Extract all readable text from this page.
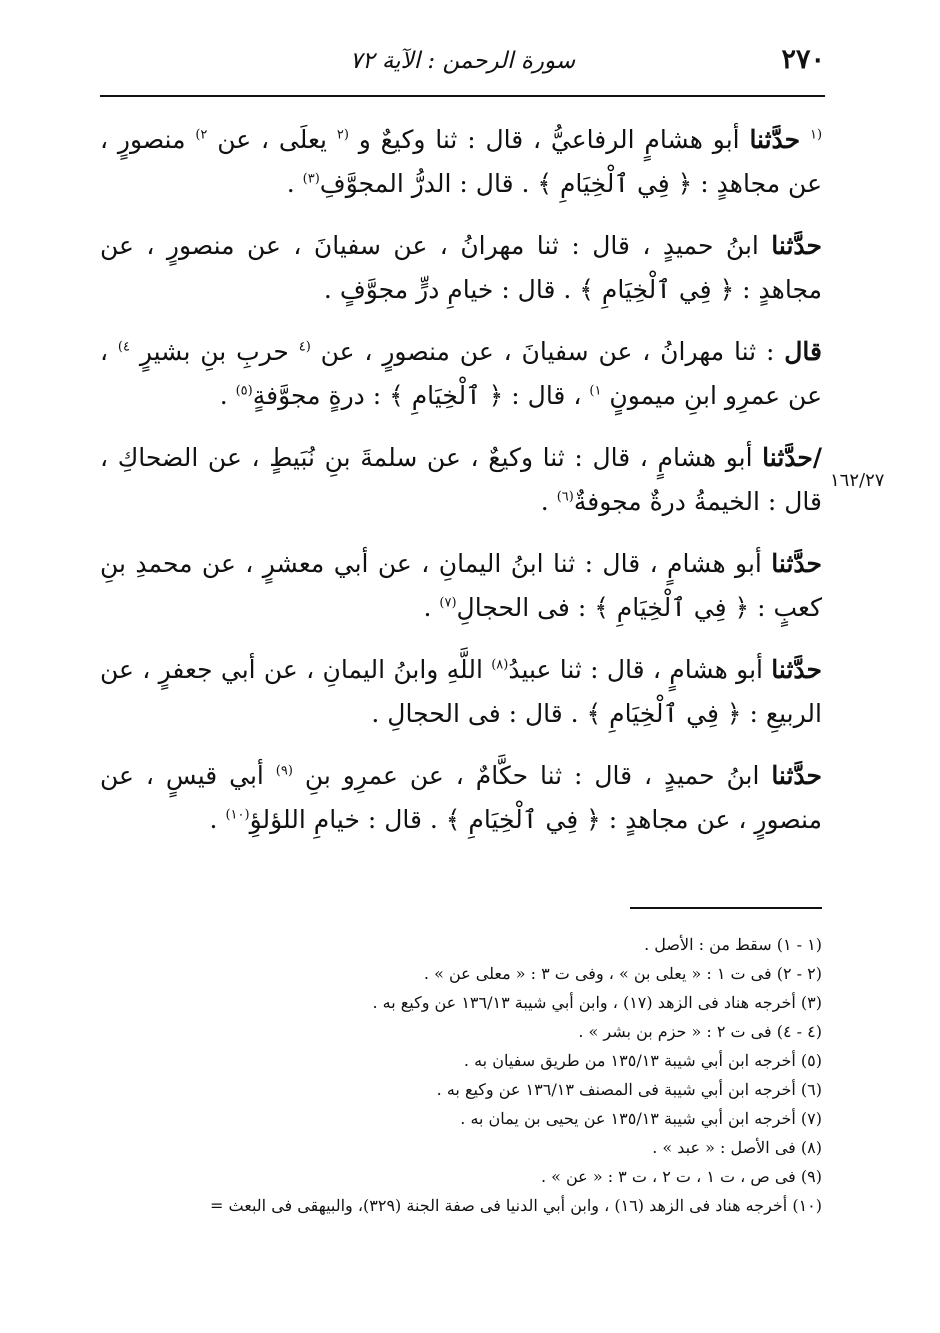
٢٧٠
سورة الرحمن : الآية ٧٢
١٦٢/٢٧

$^{(١}$ حدَّثنا أبو هشامٍ الرفاعيُّ ، قال : ثنا وكيعٌ و $^{(٢}$ يعلَى ، عن $^{٢)}$ منصورٍ ، عن مجاهدٍ : ﴿ فِي ٱلْخِيَامِ ﴾ . قال : الدرُّ المجوَّفِ$^{(٣)}$ .

حدَّثنا ابنُ حميدٍ ، قال : ثنا مهرانُ ، عن سفيانَ ، عن منصورٍ ، عن مجاهدٍ : ﴿ فِي ٱلْخِيَامِ ﴾ . قال : خيامِ درٍّ مجوَّفٍ .

قال : ثنا مهرانُ ، عن سفيانَ ، عن منصورٍ ، عن $^{(٤}$ حربِ بنِ بشيرٍ $^{٤)}$ ، عن عمرِو ابنِ ميمونٍ $^{١)}$ ، قال : ﴿ ٱلْخِيَامِ ﴾ : درةٍ مجوَّفةٍ$^{(٥)}$ .

/حدَّثنا أبو هشامٍ ، قال : ثنا وكيعٌ ، عن سلمةَ بنِ نُبَيطٍ ، عن الضحاكِ ، قال : الخيمةُ درةٌ مجوفةٌ$^{(٦)}$ .

حدَّثنا أبو هشامٍ ، قال : ثنا ابنُ اليمانِ ، عن أبي معشرٍ ، عن محمدِ بنِ كعبٍ : ﴿ فِي ٱلْخِيَامِ ﴾ : فى الحجالِ$^{(٧)}$ .

حدَّثنا أبو هشامٍ ، قال : ثنا عبيدُ$^{(٨)}$ اللَّهِ وابنُ اليمانِ ، عن أبي جعفرٍ ، عن الربيعِ : ﴿ فِي ٱلْخِيَامِ ﴾ . قال : فى الحجالِ .

حدَّثنا ابنُ حميدٍ ، قال : ثنا حكَّامٌ ، عن عمرِو بنِ $^{(٩)}$ أبي قيسٍ ، عن منصورٍ ، عن مجاهدٍ : ﴿ فِي ٱلْخِيَامِ ﴾ . قال : خيامِ اللؤلؤِ$^{(١٠)}$ .

(١ - ١) سقط من : الأصل .

(٢ - ٢) فى ت ١ : « يعلى بن » ، وفى ت ٣ : « معلى عن » .

(٣) أخرجه هناد فى الزهد (١٧) ، وابن أبي شيبة ١٣٦/١٣ عن وكيع به .

(٤ - ٤) فى ت ٢ : « حزم بن بشر » .

(٥) أخرجه ابن أبي شيبة ١٣٥/١٣ من طريق سفيان به .

(٦) أخرجه ابن أبي شيبة فى المصنف ١٣٦/١٣ عن وكيع به .

(٧) أخرجه ابن أبي شيبة ١٣٥/١٣ عن يحيى بن يمان به .

(٨) فى الأصل : « عبد » .

(٩) فى ص ، ت ١ ، ت ٢ ، ت ٣ : « عن » .

(١٠) أخرجه هناد فى الزهد (١٦) ، وابن أبي الدنيا فى صفة الجنة (٣٢٩)، والبيهقى فى البعث =
